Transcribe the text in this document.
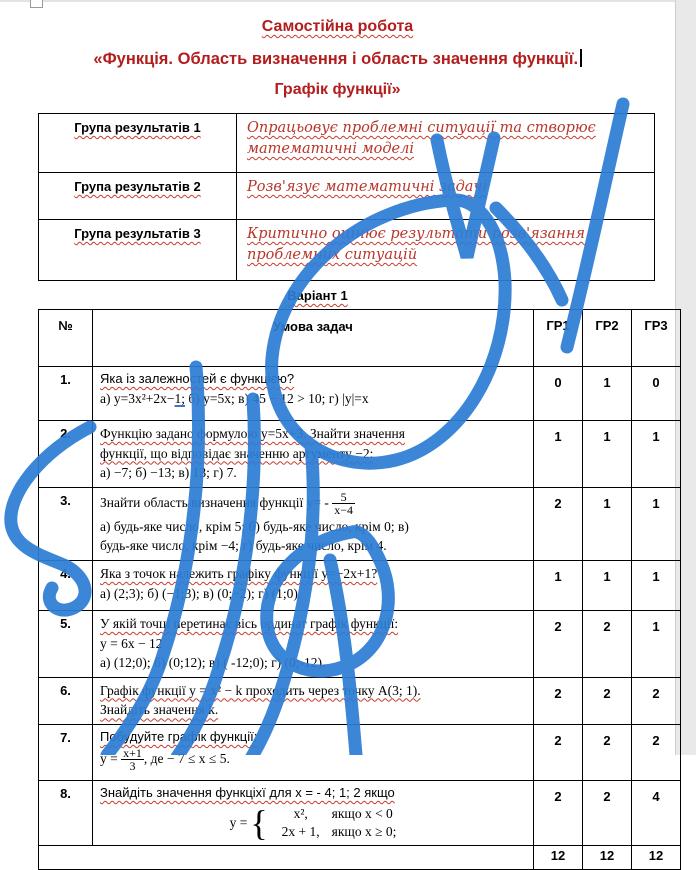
Самостійна робота
«Функція. Область визначення і область значення функції.
Графік функції»
Група результатів 1	Опрацьовує проблемні ситуації та створює математичні моделі
Група результатів 2	Розв'язує математичні задачі
Група результатів 3	Критично оцінює результати розв'язання проблемних ситуацій
Варіант 1
№	Умова задач	ГР1	ГР2	ГР3
1.	Яка із залежностей є функцією?
а) y=3x²+2x−1; б) y=5x; в) 45 − 12 > 10; г) |y|=x	0	1	0
2.	Функцію задано формулою y=5x+3. Знайти значення
функції, що відповідає значенню аргументу −2:
а) −7; б) −13; в) 13; г) 7.	1	1	1
3.	Знайти область визначення функції $y= - \frac{5}{x-4}$
а) будь-яке число, крім 5; б) будь-яке число, крім 0; в)
будь-яке число, крім −4; г) будь-яке число, крім 4.	2	1	1
4.	Яка з точок належить графіку функції y=−2x+1?
а) (2;3); б) (−1;3); в) (0;−2); г) (1;0).	1	1	1
5.	У якій точці перетинає вісь ординат графік функції:
y = 6x − 12
а) (12;0); б) (0;12); в) ( -12;0); г) (0;-12).	2	2	1
6.	Графік функції y = x² − k проходить через точку А(3; 1).
Знайдіть значення k.	2	2	2
7.	Побудуйте графік функції:
$y = \frac{x+1}{3}$ , де − 7 ≤ x ≤ 5.	2	2	2
8.	Знайдіть значення функціхї для x = - 4; 1; 2 якщо
y = { x², якщо x < 0
2x + 1, якщо x ≥ 0;	2	2	4
		12	12	12
